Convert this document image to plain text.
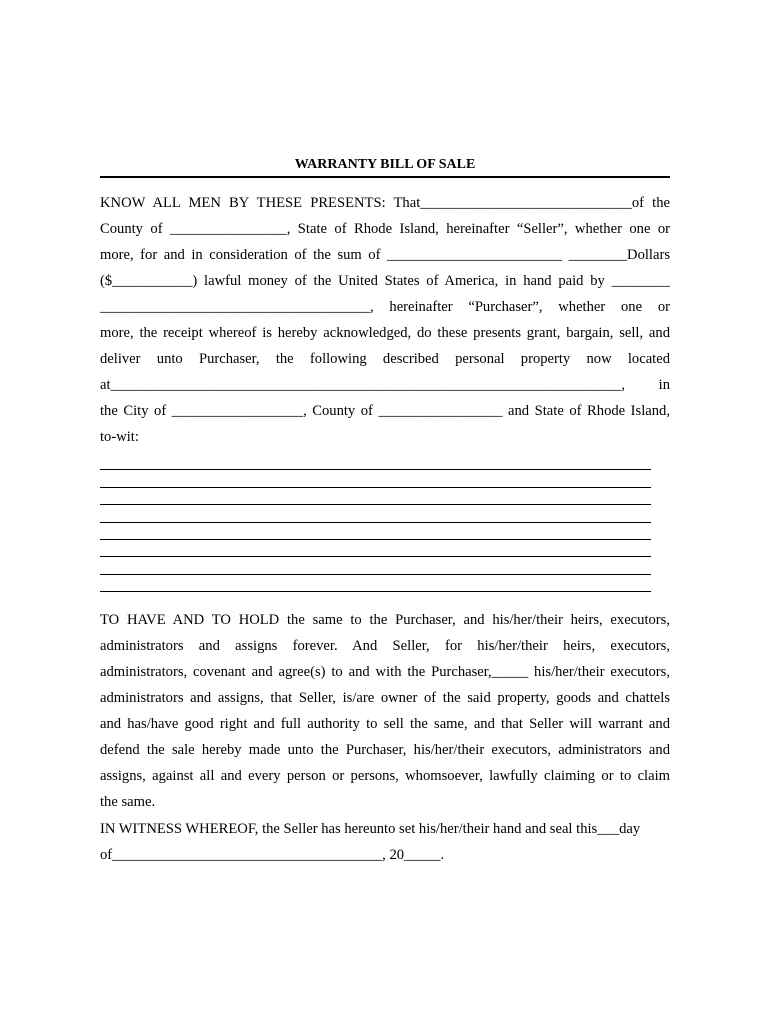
WARRANTY BILL OF SALE
KNOW ALL MEN BY THESE PRESENTS: That_____________________________of the
County of ________________, State of Rhode Island, hereinafter “Seller”, whether one or
more, for and in consideration of the sum of ________________________ ________Dollars
($___________) lawful money of the United States of America, in hand paid by ________
_____________________________________, hereinafter “Purchaser”, whether one or
more, the receipt whereof is hereby acknowledged, do these presents grant, bargain, sell, and
deliver unto Purchaser, the following described personal property now located
at______________________________________________________________________, in
the City of __________________, County of _________________ and State of Rhode Island,
to-wit:
TO HAVE AND TO HOLD the same to the Purchaser, and his/her/their heirs, executors,
administrators and assigns forever. And Seller, for his/her/their heirs, executors,
administrators, covenant and agree(s) to and with the Purchaser,_____ his/her/their executors,
administrators and assigns, that Seller, is/are owner of the said property, goods and chattels
and has/have good right and full authority to sell the same, and that Seller will warrant and
defend the sale hereby made unto the Purchaser, his/her/their executors, administrators and
assigns, against all and every person or persons, whomsoever, lawfully claiming or to claim
the same.
IN WITNESS WHEREOF, the Seller has hereunto set his/her/their hand and seal this___day
of_____________________________________, 20_____.
